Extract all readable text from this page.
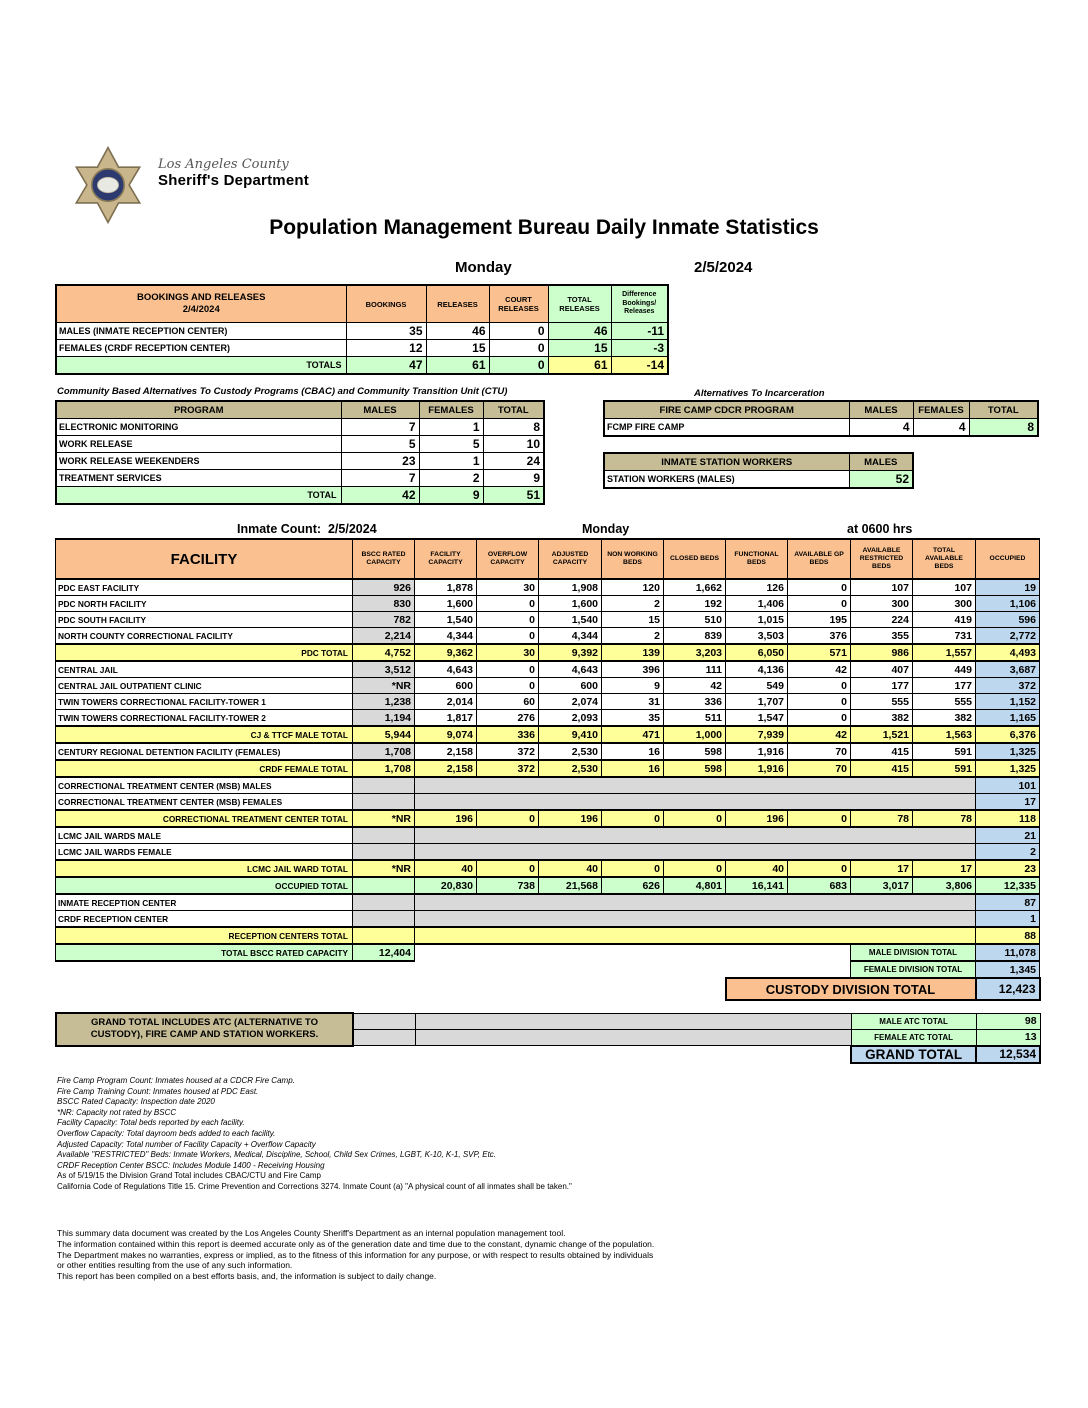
Los Angeles County
Sheriff's Department
Population Management Bureau Daily Inmate Statistics
Monday	2/5/2024
BOOKINGS AND RELEASES
2/4/2024	BOOKINGS	RELEASES	COURT RELEASES	TOTAL RELEASES	Difference Bookings/ Releases
MALES (INMATE RECEPTION CENTER)	35	46	0	46	-11
FEMALES (CRDF RECEPTION CENTER)	12	15	0	15	-3
TOTALS	47	61	0	61	-14
Community Based Alternatives To Custody Programs (CBAC) and Community Transition Unit (CTU)
PROGRAM	MALES	FEMALES	TOTAL
ELECTRONIC MONITORING	7	1	8
WORK RELEASE	5	5	10
WORK RELEASE WEEKENDERS	23	1	24
TREATMENT SERVICES	7	2	9
TOTAL	42	9	51
Alternatives To Incarceration
FIRE CAMP CDCR PROGRAM	MALES	FEMALES	TOTAL
FCMP FIRE CAMP	4	4	8
INMATE STATION WORKERS	MALES
STATION WORKERS (MALES)	52
Inmate Count: 2/5/2024	Monday	at 0600 hrs
FACILITY	BSCC RATED CAPACITY	FACILITY CAPACITY	OVERFLOW CAPACITY	ADJUSTED CAPACITY	NON WORKING BEDS	CLOSED BEDS	FUNCTIONAL BEDS	AVAILABLE GP BEDS	AVAILABLE RESTRICTED BEDS	TOTAL AVAILABLE BEDS	OCCUPIED
PDC EAST FACILITY	926	1,878	30	1,908	120	1,662	126	0	107	107	19
PDC NORTH FACILITY	830	1,600	0	1,600	2	192	1,406	0	300	300	1,106
PDC SOUTH FACILITY	782	1,540	0	1,540	15	510	1,015	195	224	419	596
NORTH COUNTY CORRECTIONAL FACILITY	2,214	4,344	0	4,344	2	839	3,503	376	355	731	2,772
PDC TOTAL	4,752	9,362	30	9,392	139	3,203	6,050	571	986	1,557	4,493
CENTRAL JAIL	3,512	4,643	0	4,643	396	111	4,136	42	407	449	3,687
CENTRAL JAIL OUTPATIENT CLINIC	*NR	600	0	600	9	42	549	0	177	177	372
TWIN TOWERS CORRECTIONAL FACILITY-TOWER 1	1,238	2,014	60	2,074	31	336	1,707	0	555	555	1,152
TWIN TOWERS CORRECTIONAL FACILITY-TOWER 2	1,194	1,817	276	2,093	35	511	1,547	0	382	382	1,165
CJ & TTCF MALE TOTAL	5,944	9,074	336	9,410	471	1,000	7,939	42	1,521	1,563	6,376
CENTURY REGIONAL DETENTION FACILITY (FEMALES)	1,708	2,158	372	2,530	16	598	1,916	70	415	591	1,325
CRDF FEMALE TOTAL	1,708	2,158	372	2,530	16	598	1,916	70	415	591	1,325
CORRECTIONAL TREATMENT CENTER (MSB) MALES											101
CORRECTIONAL TREATMENT CENTER (MSB) FEMALES											17
CORRECTIONAL TREATMENT CENTER TOTAL	*NR	196	0	196	0	0	196	0	78	78	118
LCMC JAIL WARDS MALE											21
LCMC JAIL WARDS FEMALE											2
LCMC JAIL WARD TOTAL	*NR	40	0	40	0	0	40	0	17	17	23
OCCUPIED TOTAL		20,830	738	21,568	626	4,801	16,141	683	3,017	3,806	12,335
INMATE RECEPTION CENTER											87
CRDF RECEPTION CENTER											1
RECEPTION CENTERS TOTAL											88
TOTAL BSCC RATED CAPACITY	12,404								MALE DIVISION TOTAL		11,078
									FEMALE DIVISION TOTAL		1,345
							CUSTODY DIVISION TOTAL				12,423
GRAND TOTAL INCLUDES ATC (ALTERNATIVE TO
CUSTODY), FIRE CAMP AND STATION WORKERS.			MALE ATC TOTAL	98
			FEMALE ATC TOTAL	13
			GRAND TOTAL	12,534
Fire Camp Program Count: Inmates housed at a CDCR Fire Camp.
Fire Camp Training Count: Inmates housed at PDC East.
BSCC Rated Capacity: Inspection date 2020
*NR: Capacity not rated by BSCC
Facility Capacity: Total beds reported by each facility.
Overflow Capacity: Total dayroom beds added to each facility.
Adjusted Capacity: Total number of Facility Capacity + Overflow Capacity
Available "RESTRICTED" Beds: Inmate Workers, Medical, Discipline, School, Child Sex Crimes, LGBT, K-10, K-1, SVP, Etc.
CRDF Reception Center BSCC: Includes Module 1400 - Receiving Housing
As of 5/19/15 the Division Grand Total includes CBAC/CTU and Fire Camp
California Code of Regulations Title 15. Crime Prevention and Corrections 3274. Inmate Count (a) "A physical count of all inmates shall be taken."
This summary data document was created by the Los Angeles County Sheriff's Department as an internal population management tool.
The information contained within this report is deemed accurate only as of the generation date and time due to the constant, dynamic change of the population.
The Department makes no warranties, express or implied, as to the fitness of this information for any purpose, or with respect to results obtained by individuals
or other entities resulting from the use of any such information.
This report has been compiled on a best efforts basis, and, the information is subject to daily change.
